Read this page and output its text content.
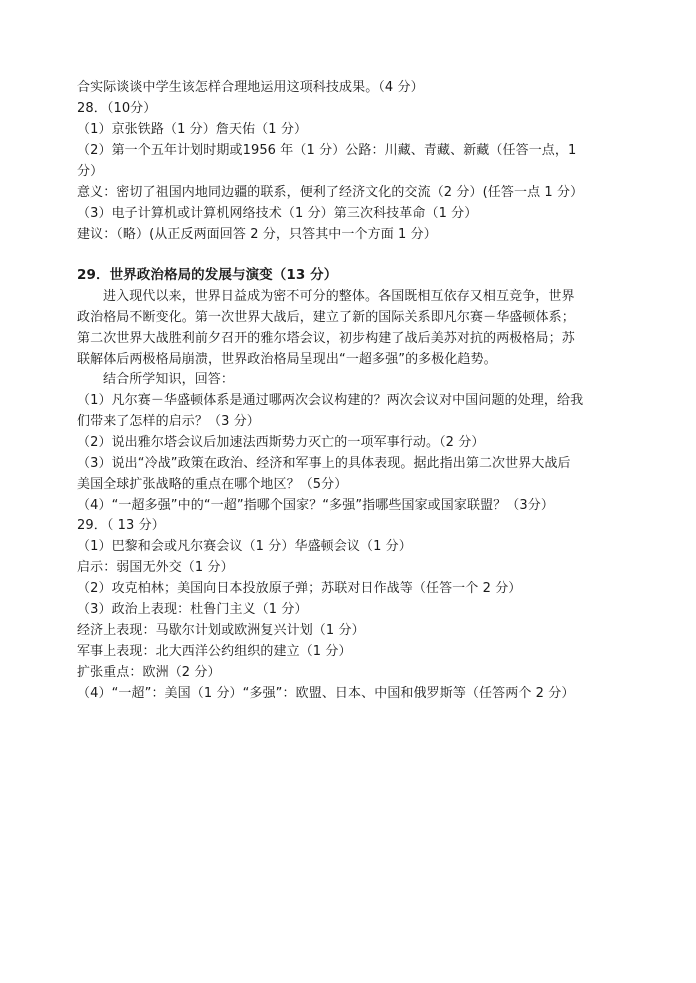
合实际谈谈中学生该怎样合理地运用这项科技成果。（4 分）
28．（10分）
（1）京张铁路（1 分）詹天佑（1 分）
（2）第一个五年计划时期或1956 年（1 分）公路：川藏、青藏、新藏（任答一点，1
分）
意义：密切了祖国内地同边疆的联系，便利了经济文化的交流（2 分）(任答一点 1 分）
（3）电子计算机或计算机网络技术（1 分）第三次科技革命（1 分）
建议：（略）(从正反两面回答 2 分，只答其中一个方面 1 分）
29．世界政治格局的发展与演变（13 分）
进入现代以来，世界日益成为密不可分的整体。各国既相互依存又相互竞争，世界
政治格局不断变化。第一次世界大战后，建立了新的国际关系即凡尔赛－华盛顿体系；
第二次世界大战胜利前夕召开的雅尔塔会议，初步构建了战后美苏对抗的两极格局；苏
联解体后两极格局崩溃，世界政治格局呈现出“一超多强”的多极化趋势。
结合所学知识，回答：
（1）凡尔赛－华盛顿体系是通过哪两次会议构建的？两次会议对中国问题的处理，给我
们带来了怎样的启示？（3 分）
（2）说出雅尔塔会议后加速法西斯势力灭亡的一项军事行动。（2 分）
（3）说出“冷战”政策在政治、经济和军事上的具体表现。据此指出第二次世界大战后
美国全球扩张战略的重点在哪个地区？（5分）
（4）“一超多强”中的“一超”指哪个国家？“多强”指哪些国家或国家联盟？（3分）
29．（ 13 分）
（1）巴黎和会或凡尔赛会议（1 分）华盛顿会议（1 分）
启示：弱国无外交（1 分）
（2）攻克柏林；美国向日本投放原子弹；苏联对日作战等（任答一个 2 分）
（3）政治上表现：杜鲁门主义（1 分）
经济上表现：马歇尔计划或欧洲复兴计划（1 分）
军事上表现：北大西洋公约组织的建立（1 分）
扩张重点：欧洲（2 分）
（4）“一超”：美国（1 分）“多强”：欧盟、日本、中国和俄罗斯等（任答两个 2 分）
